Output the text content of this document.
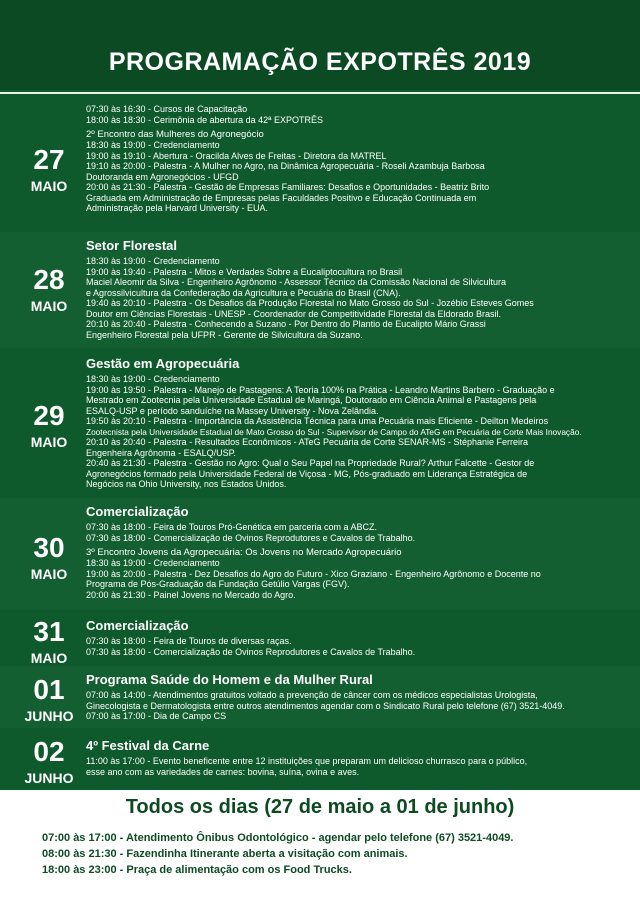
PROGRAMAÇÃO EXPOTRÊS 2019
07:30 às 16:30 - Cursos de Capacitação
18:00 às 18:30 - Cerimônia de abertura da 42ª EXPOTRÊS
2º Encontro das Mulheres do Agronegócio
18:30 às 19:00 - Credenciamento
19:00 às 19:10 - Abertura - Oracilda Alves de Freitas - Diretora da MATREL
19:10 às 20:00 - Palestra - A Mulher no Agro, na Dinâmica Agropecuária - Roseli Azambuja Barbosa
Doutoranda em Agronegócios - UFGD
20:00 às 21:30 - Palestra - Gestão de Empresas Familiares: Desafios e Oportunidades - Beatriz Brito
Graduada em Administração de Empresas pelas Faculdades Positivo e Educação Continuada em
Administração pela Harvard University - EUA.
27
MAIO
Setor Florestal
18:30 às 19:00 - Credenciamento
19:00 às 19:40 - Palestra - Mitos e Verdades Sobre a Eucaliptocultura no Brasil
Maciel Aleomir da Silva - Engenheiro Agrônomo - Assessor Técnico da Comissão Nacional de Silvicultura
e Agrossilvicultura da Confederação da Agricultura e Pecuária do Brasil (CNA).
19:40 às 20:10 - Palestra - Os Desafios da Produção Florestal no Mato Grosso do Sul - Jozébio Esteves Gomes
Doutor em Ciências Florestais - UNESP - Coordenador de Competitividade Florestal da Eldorado Brasil.
20:10 às 20:40 - Palestra - Conhecendo a Suzano - Por Dentro do Plantio de Eucalipto Mário Grassi
Engenheiro Florestal pela UFPR - Gerente de Silvicultura da Suzano.
28
MAIO
Gestão em Agropecuária
18:30 às 19:00 - Credenciamento
19:00 às 19:50 - Palestra - Manejo de Pastagens: A Teoria 100% na Prática - Leandro Martins Barbero - Graduação e
Mestrado em Zootecnia pela Universidade Estadual de Maringá, Doutorado em Ciência Animal e Pastagens pela
ESALQ-USP e período sanduíche na Massey University - Nova Zelândia.
19:50 às 20:10 - Palestra - Importância da Assistência Técnica para uma Pecuária mais Eficiente - Deilton Medeiros
Zootecnista pela Universidade Estadual de Mato Grosso do Sul - Supervisor de Campo do ATeG em Pecuária de Corte Mais Inovação.
20:10 às 20:40 - Palestra - Resultados Econômicos - ATeG Pecuária de Corte SENAR-MS - Stéphanie Ferreira
Engenheira Agrônoma - ESALQ/USP.
20:40 às 21:30 - Palestra - Gestão no Agro: Qual o Seu Papel na Propriedade Rural? Arthur Falcette - Gestor de
Agronegócios formado pela Universidade Federal de Viçosa - MG, Pós-graduado em Liderança Estratégica de
Negócios na Ohio University, nos Estados Unidos.
29
MAIO
Comercialização
07:30 às 18:00 - Feira de Touros Pró-Genética em parceria com a ABCZ.
07:30 às 18:00 - Comercialização de Ovinos Reprodutores e Cavalos de Trabalho.
3º Encontro Jovens da Agropecuária: Os Jovens no Mercado Agropecuário
18:30 às 19:00 - Credenciamento
19:00 às 20:00 - Palestra - Dez Desafios do Agro do Futuro - Xico Graziano - Engenheiro Agrônomo e Docente no
Programa de Pós-Graduação da Fundação Getúlio Vargas (FGV).
20:00 às 21:30 - Painel Jovens no Mercado do Agro.
30
MAIO
Comercialização
07:30 às 18:00 - Feira de Touros de diversas raças.
07:30 às 18:00 - Comercialização de Ovinos Reprodutores e Cavalos de Trabalho.
31
MAIO
Programa Saúde do Homem e da Mulher Rural
07:00 às 14:00 - Atendimentos gratuitos voltado a prevenção de câncer com os médicos especialistas Urologista,
Ginecologista e Dermatologista entre outros atendimentos agendar com o Sindicato Rural pelo telefone (67) 3521-4049.
07:00 às 17:00 - Dia de Campo CS
01
JUNHO
4º Festival da Carne
11:00 às 17:00 - Evento beneficente entre 12 instituições que preparam um delicioso churrasco para o público,
esse ano com as variedades de carnes: bovina, suína, ovina e aves.
02
JUNHO
Todos os dias (27 de maio a 01 de junho)
07:00 às 17:00 - Atendimento Ônibus Odontológico - agendar pelo telefone (67) 3521-4049.
08:00 às 21:30 - Fazendinha Itinerante aberta a visitação com animais.
18:00 às 23:00 - Praça de alimentação com os Food Trucks.
